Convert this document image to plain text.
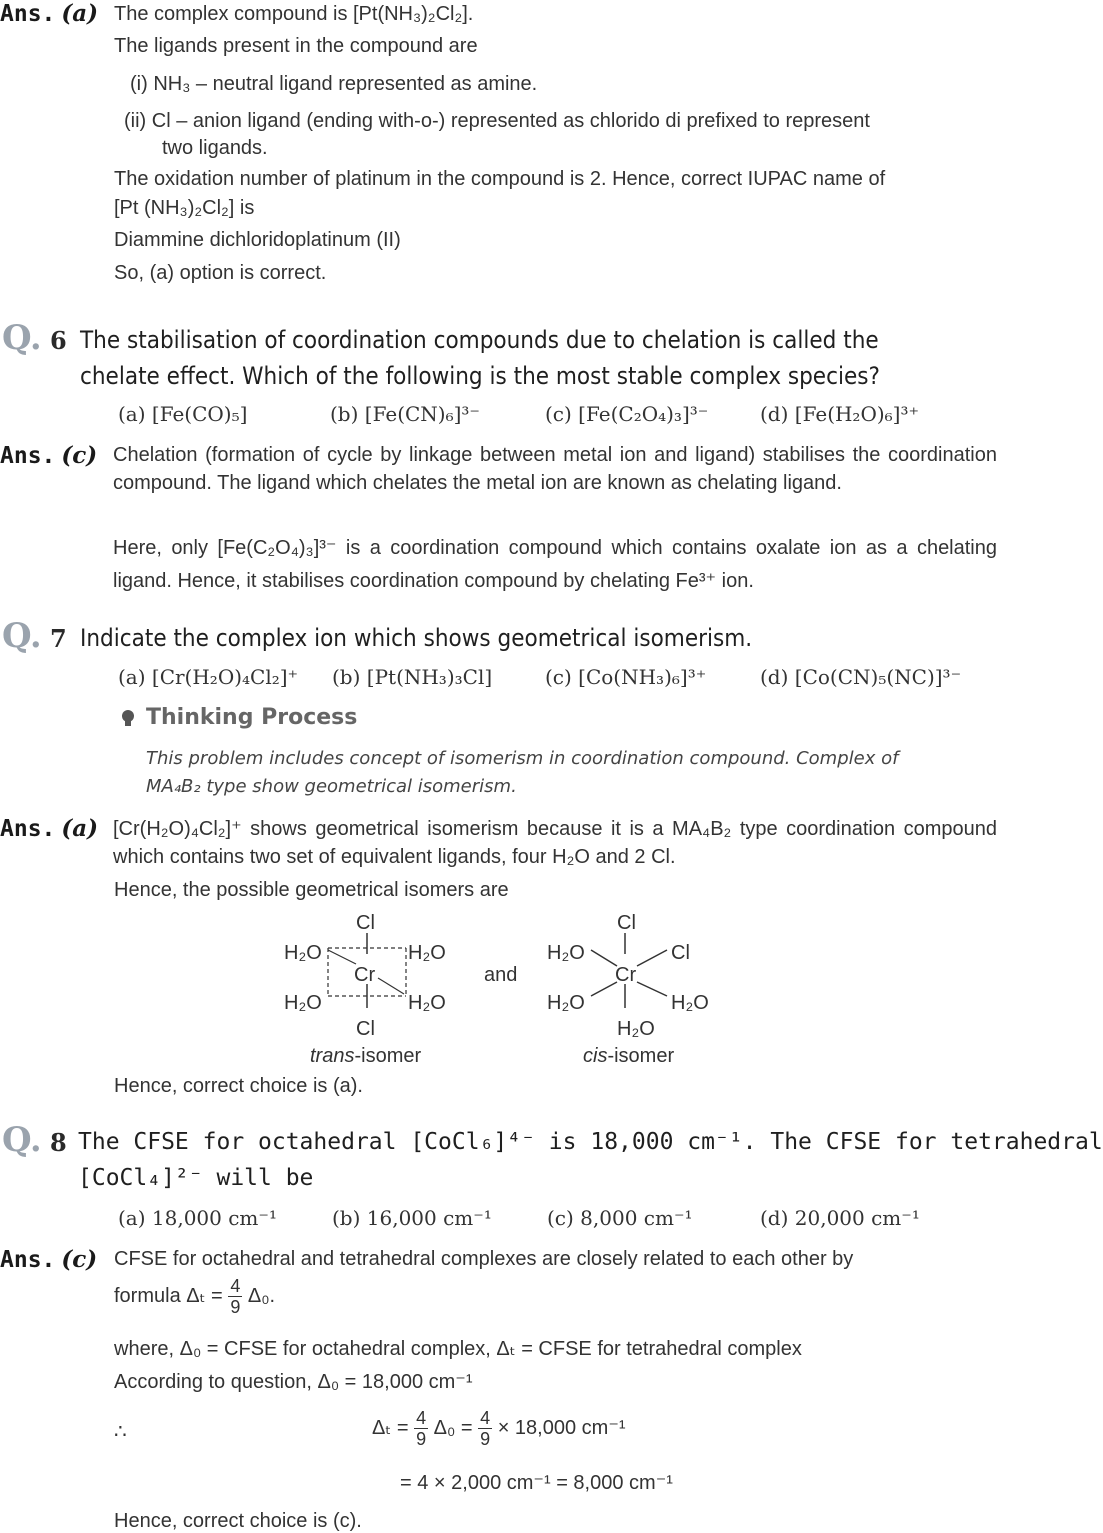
Ans. (a) The complex compound is [Pt(NH₃)₂Cl₂].
The ligands present in the compound are
(i) NH₃ – neutral ligand represented as amine.
(ii) Cl – anion ligand (ending with-o-) represented as chlorido di prefixed to represent
two ligands.
The oxidation number of platinum in the compound is 2. Hence, correct IUPAC name of
[Pt (NH₃)₂Cl₂] is
Diammine dichloridoplatinum (II)
So, (a) option is correct.
Q. 6 The stabilisation of coordination compounds due to chelation is called the
chelate effect. Which of the following is the most stable complex species?
(a) [Fe(CO)₅]	(b) [Fe(CN)₆]³⁻	(c) [Fe(C₂O₄)₃]³⁻	(d) [Fe(H₂O)₆]³⁺
Ans. (c) Chelation (formation of cycle by linkage between metal ion and ligand) stabilises the coordination compound. The ligand which chelates the metal ion are known as chelating ligand.
Here, only [Fe(C₂O₄)₃]³⁻ is a coordination compound which contains oxalate ion as a chelating ligand. Hence, it stabilises coordination compound by chelating Fe³⁺ ion.
Q. 7 Indicate the complex ion which shows geometrical isomerism.
(a) [Cr(H₂O)₄Cl₂]⁺ (b) [Pt(NH₃)₃Cl]	(c) [Co(NH₃)₆]³⁺	(d) [Co(CN)₅(NC)]³⁻
Thinking Process
This problem includes concept of isomerism in coordination compound. Complex of MA₄B₂ type show geometrical isomerism.
Ans. (a) [Cr(H₂O)₄Cl₂]⁺ shows geometrical isomerism because it is a MA₄B₂ type coordination compound which contains two set of equivalent ligands, four H₂O and 2 Cl.
Hence, the possible geometrical isomers are
Cl
H₂O	H₂O
Cr
H₂O	H₂O
Cl
trans-isomer
and
Cl
H₂O	Cl
Cr
H₂O	H₂O
H₂O
cis-isomer
Hence, correct choice is (a).
Q. 8 The CFSE for octahedral [CoCl₆]⁴⁻ is 18,000 cm⁻¹. The CFSE for tetrahedral
[CoCl₄]²⁻ will be
(a) 18,000 cm⁻¹	(b) 16,000 cm⁻¹	(c) 8,000 cm⁻¹	(d) 20,000 cm⁻¹
Ans. (c) CFSE for octahedral and tetrahedral complexes are closely related to each other by
formula $\Delta_t = \frac{4}{9} \Delta_0$.
where, Δ₀ = CFSE for octahedral complex, Δₜ = CFSE for tetrahedral complex
According to question, Δ₀ = 18,000 cm⁻¹
∴	$\Delta_t = \frac{4}{9} \Delta_0 = \frac{4}{9} \times 18,000$ cm⁻¹
= 4 × 2,000 cm⁻¹ = 8,000 cm⁻¹
Hence, correct choice is (c).
